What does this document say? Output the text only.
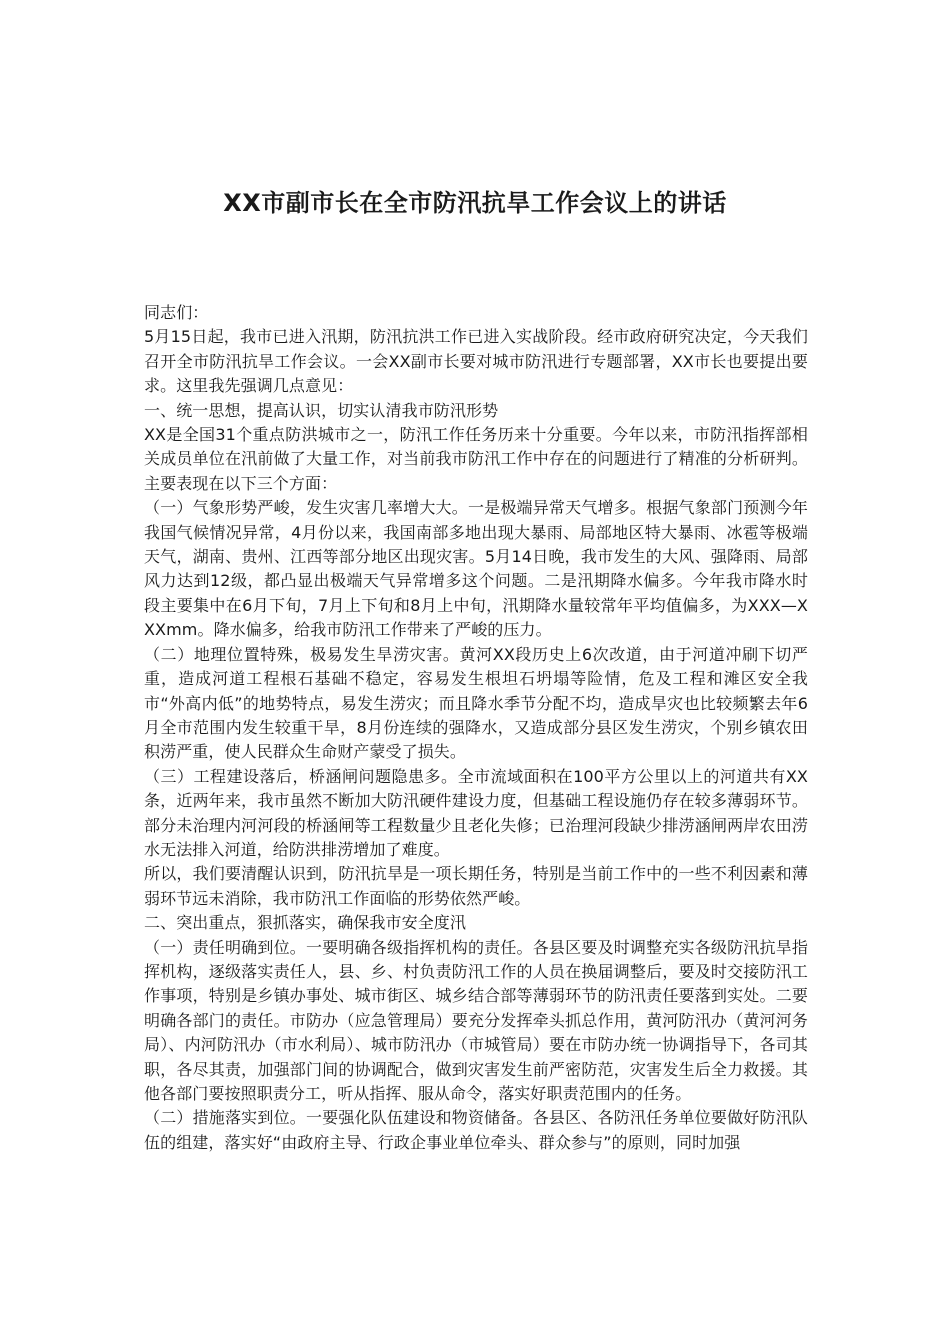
XX市副市长在全市防汛抗旱工作会议上的讲话

同志们：

5月15日起，我市已进入汛期，防汛抗洪工作已进入实战阶段。经市政府研究决定，今天我们召开全市防汛抗旱工作会议。一会XX副市长要对城市防汛进行专题部署，XX市长也要提出要求。这里我先强调几点意见：

一、统一思想，提高认识，切实认清我市防汛形势

XX是全国31个重点防洪城市之一，防汛工作任务历来十分重要。今年以来，市防汛指挥部相关成员单位在汛前做了大量工作，对当前我市防汛工作中存在的问题进行了精准的分析研判。主要表现在以下三个方面：

（一）气象形势严峻，发生灾害几率增大大。一是极端异常天气增多。根据气象部门预测今年我国气候情况异常，4月份以来，我国南部多地出现大暴雨、局部地区特大暴雨、冰雹等极端天气，湖南、贵州、江西等部分地区出现灾害。5月14日晚，我市发生的大风、强降雨、局部风力达到12级，都凸显出极端天气异常增多这个问题。二是汛期降水偏多。今年我市降水时段主要集中在6月下旬，7月上下旬和8月上中旬，汛期降水量较常年平均值偏多，为XXX—XXXmm。降水偏多，给我市防汛工作带来了严峻的压力。

（二）地理位置特殊，极易发生旱涝灾害。黄河XX段历史上6次改道，由于河道冲刷下切严重，造成河道工程根石基础不稳定，容易发生根坦石坍塌等险情，危及工程和滩区安全我市“外高内低”的地势特点，易发生涝灾；而且降水季节分配不均，造成旱灾也比较频繁去年6月全市范围内发生较重干旱，8月份连续的强降水，又造成部分县区发生涝灾，个别乡镇农田积涝严重，使人民群众生命财产蒙受了损失。

（三）工程建设落后，桥涵闸问题隐患多。全市流域面积在100平方公里以上的河道共有XX条，近两年来，我市虽然不断加大防汛硬件建设力度，但基础工程设施仍存在较多薄弱环节。部分未治理内河河段的桥涵闸等工程数量少且老化失修；已治理河段缺少排涝涵闸两岸农田涝水无法排入河道，给防洪排涝增加了难度。

所以，我们要清醒认识到，防汛抗旱是一项长期任务，特别是当前工作中的一些不利因素和薄弱环节远未消除，我市防汛工作面临的形势依然严峻。

二、突出重点，狠抓落实，确保我市安全度汛

（一）责任明确到位。一要明确各级指挥机构的责任。各县区要及时调整充实各级防汛抗旱指挥机构，逐级落实责任人，县、乡、村负责防汛工作的人员在换届调整后，要及时交接防汛工作事项，特别是乡镇办事处、城市街区、城乡结合部等薄弱环节的防汛责任要落到实处。二要明确各部门的责任。市防办（应急管理局）要充分发挥牵头抓总作用，黄河防汛办（黄河河务局）、内河防汛办（市水利局）、城市防汛办（市城管局）要在市防办统一协调指导下，各司其职，各尽其责，加强部门间的协调配合，做到灾害发生前严密防范，灾害发生后全力救援。其他各部门要按照职责分工，听从指挥、服从命令，落实好职责范围内的任务。

（二）措施落实到位。一要强化队伍建设和物资储备。各县区、各防汛任务单位要做好防汛队伍的组建，落实好“由政府主导、行政企事业单位牵头、群众参与”的原则，同时加强
